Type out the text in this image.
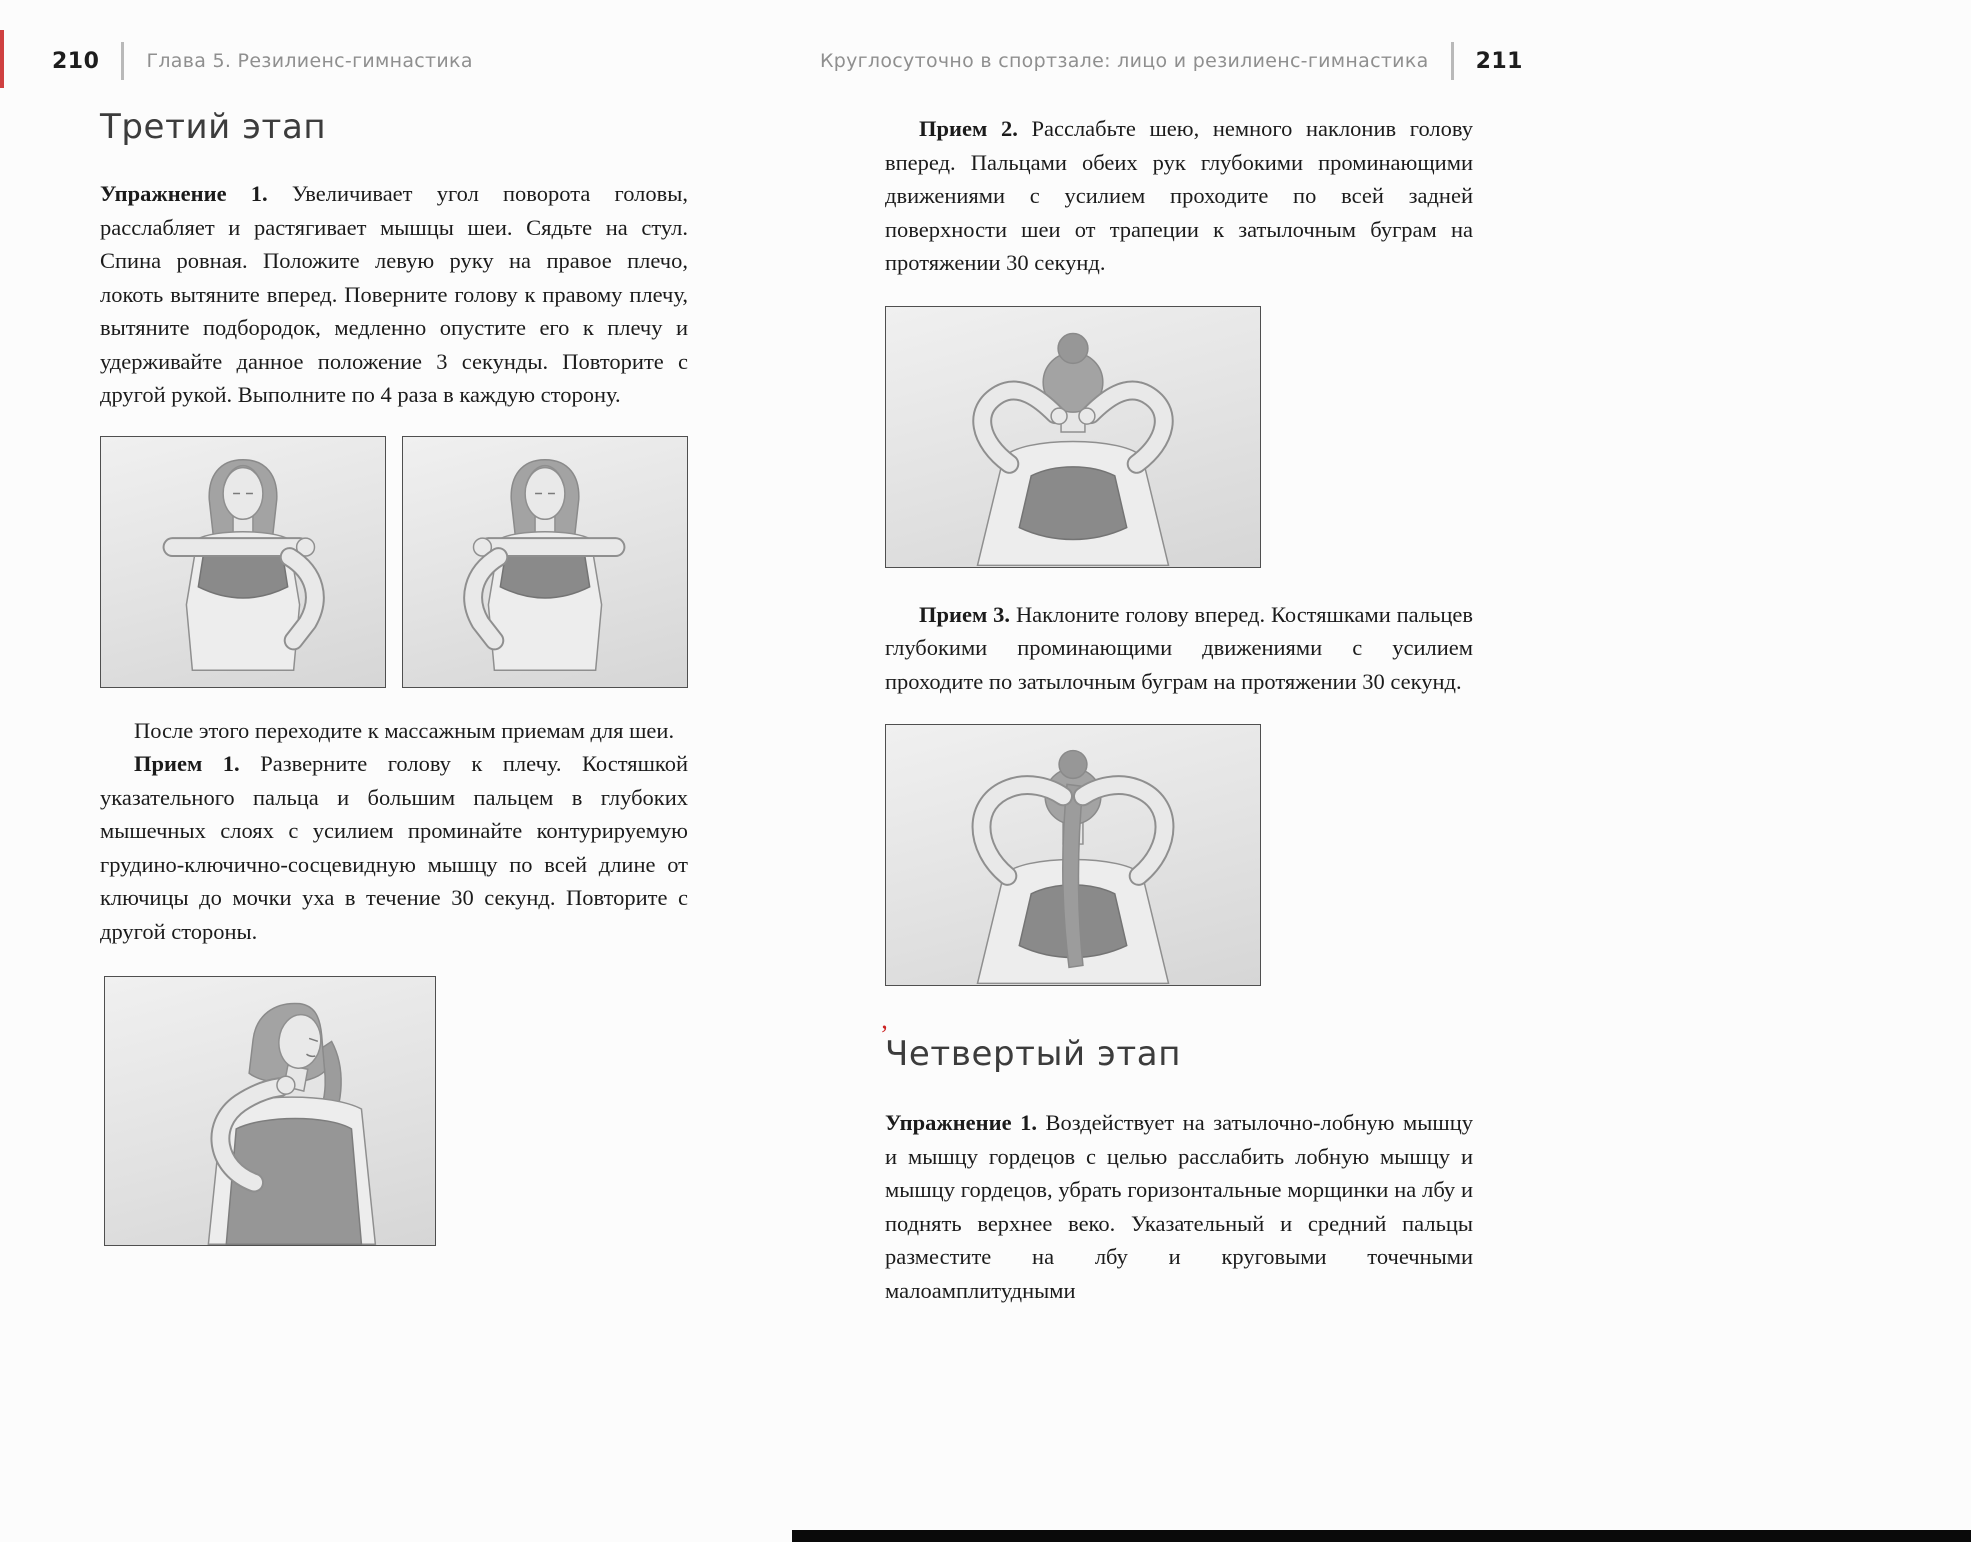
210 Глава 5. Резилиенс-гимнастика	Круглосуточно в спортзале: лицо и резилиенс-гимнастика 211
Третий этап

Упражнение 1. Увеличивает угол поворота головы, расслабляет и растягивает мышцы шеи. Сядьте на стул. Спина ровная. Положите левую руку на правое плечо, локоть вытяните вперед. Поверните голову к правому плечу, вытяните подбородок, медленно опустите его к плечу и удерживайте данное положение 3 секунды. Повторите с другой рукой. Выполните по 4 раза в каждую сторону.

После этого переходите к массажным приемам для шеи.

Прием 1. Разверните голову к плечу. Костяшкой указательного пальца и большим пальцем в глубоких мышечных слоях с усилием проминайте контурируемую грудино-ключично-сосцевидную мышцу по всей длине от ключицы до мочки уха в течение 30 секунд. Повторите с другой стороны.

Прием 2. Расслабьте шею, немного наклонив голову вперед. Пальцами обеих рук глубокими проминающими движениями с усилием проходите по всей задней поверхности шеи от трапеции к затылочным буграм на протяжении 30 секунд.

Прием 3. Наклоните голову вперед. Костяшками пальцев глубокими проминающими движениями с усилием проходите по затылочным буграм на протяжении 30 секунд.

Четвертый этап

Упражнение 1. Воздействует на затылочно-лобную мышцу и мышцу гордецов с целью расслабить лобную мышцу и мышцу гордецов, убрать горизонтальные морщинки на лбу и поднять верхнее веко. Указательный и средний пальцы разместите на лбу и круговыми точечными малоамплитудными

’
